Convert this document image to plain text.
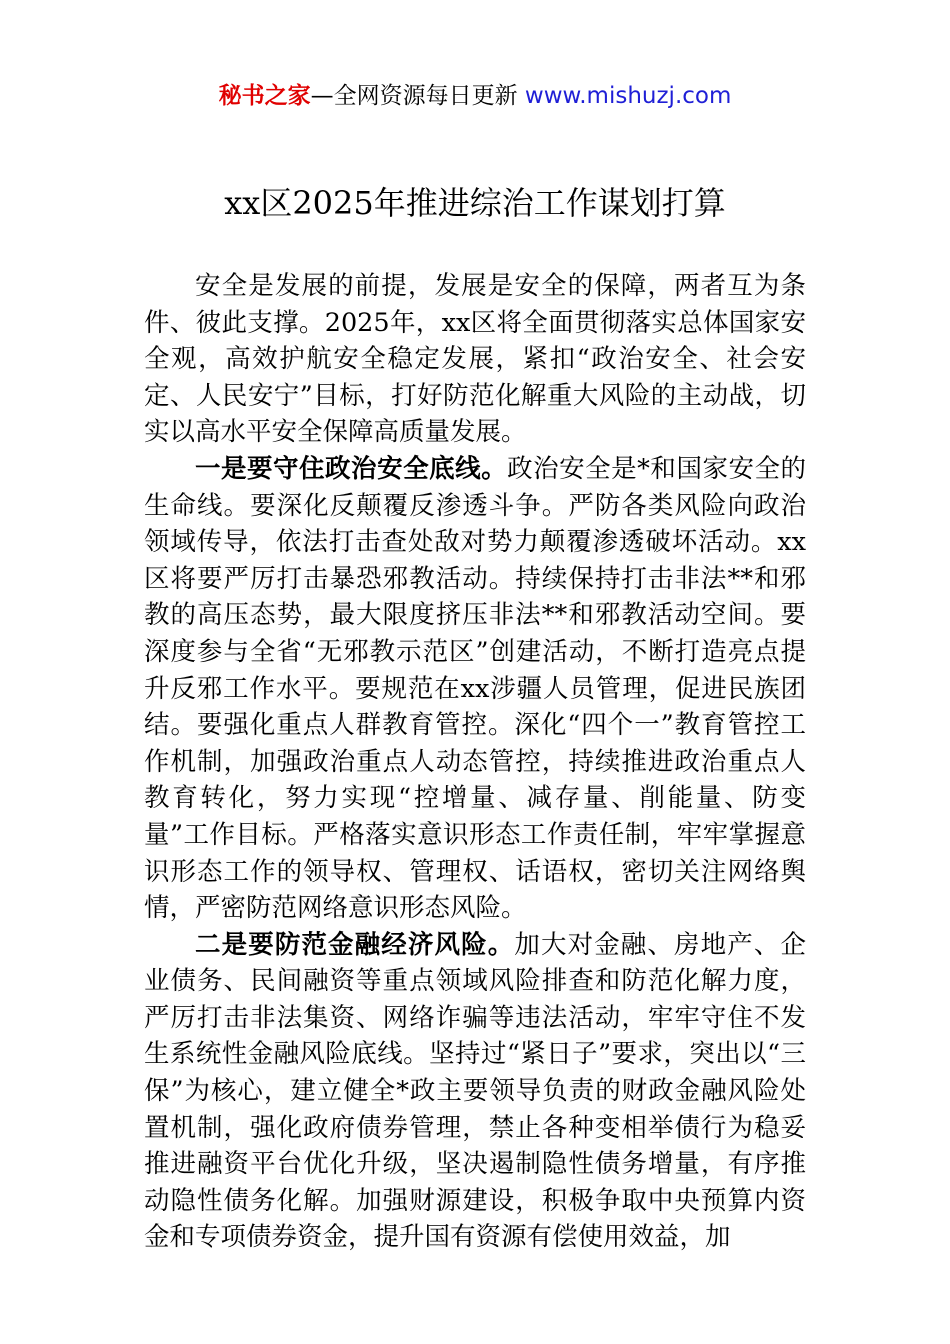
秘书之家—全网资源每日更新 www.mishuzj.com
xx区2025年推进综治工作谋划打算

安全是发展的前提，发展是安全的保障，两者互为条件、彼此支撑。2025年，xx区将全面贯彻落实总体国家安全观，高效护航安全稳定发展，紧扣“政治安全、社会安定、人民安宁”目标，打好防范化解重大风险的主动战，切实以高水平安全保障高质量发展。

一是要守住政治安全底线。政治安全是*和国家安全的生命线。要深化反颠覆反渗透斗争。严防各类风险向政治领域传导，依法打击查处敌对势力颠覆渗透破坏活动。xx区将要严厉打击暴恐邪教活动。持续保持打击非法**和邪教的高压态势，最大限度挤压非法**和邪教活动空间。要深度参与全省“无邪教示范区”创建活动，不断打造亮点提升反邪工作水平。要规范在xx涉疆人员管理，促进民族团结。要强化重点人群教育管控。深化“四个一”教育管控工作机制，加强政治重点人动态管控，持续推进政治重点人教育转化，努力实现“控增量、减存量、削能量、防变量”工作目标。严格落实意识形态工作责任制，牢牢掌握意识形态工作的领导权、管理权、话语权，密切关注网络舆情，严密防范网络意识形态风险。

二是要防范金融经济风险。加大对金融、房地产、企业债务、民间融资等重点领域风险排查和防范化解力度，严厉打击非法集资、网络诈骗等违法活动，牢牢守住不发生系统性金融风险底线。坚持过“紧日子”要求，突出以“三保”为核心，建立健全*政主要领导负责的财政金融风险处置机制，强化政府债券管理，禁止各种变相举债行为稳妥推进融资平台优化升级，坚决遏制隐性债务增量，有序推动隐性债务化解。加强财源建设，积极争取中央预算内资金和专项债券资金，提升国有资源有偿使用效益，加
